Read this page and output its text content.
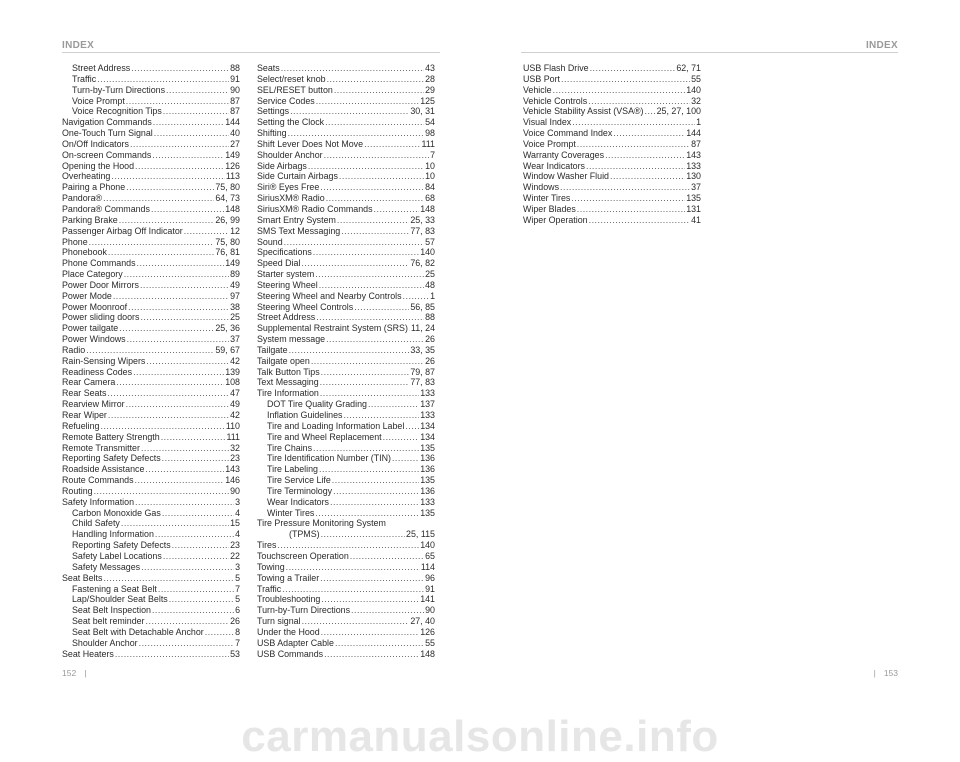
INDEX	INDEX
Street Address .....	88
Traffic .....	91
Turn-by-Turn Directions .....	90
Voice Prompt .....	87
Voice Recognition Tips .....	87
Navigation Commands .....	144
One-Touch Turn Signal .....	40
On/Off Indicators .....	27
On-screen Commands .....	149
Opening the Hood .....	126
Overheating .....	113
Pairing a Phone .....	75, 80
Pandora® .....	64, 73
Pandora® Commands .....	148
Parking Brake .....	26, 99
Passenger Airbag Off Indicator .....	12
Phone .....	75, 80
Phonebook .....	76, 81
Phone Commands .....	149
Place Category .....	89
Power Door Mirrors .....	49
Power Mode .....	97
Power Moonroof .....	38
Power sliding doors .....	25
Power tailgate .....	25, 36
Power Windows .....	37
Radio .....	59, 67
Rain-Sensing Wipers .....	42
Readiness Codes .....	139
Rear Camera .....	108
Rear Seats .....	47
Rearview Mirror .....	49
Rear Wiper .....	42
Refueling .....	110
Remote Battery Strength .....	111
Remote Transmitter .....	32
Reporting Safety Defects .....	23
Roadside Assistance .....	143
Route Commands .....	146
Routing .....	90
Safety Information .....	3
Carbon Monoxide Gas .....	4
Child Safety .....	15
Handling Information .....	4
Reporting Safety Defects .....	23
Safety Label Locations .....	22
Safety Messages .....	3
Seat Belts .....	5
Fastening a Seat Belt .....	7
Lap/Shoulder Seat Belts .....	5
Seat Belt Inspection .....	6
Seat belt reminder .....	26
Seat Belt with Detachable Anchor .....	8
Shoulder Anchor .....	7
Seat Heaters .....	53
Seats .....	43
Select/reset knob .....	28
SEL/RESET button .....	29
Service Codes .....	125
Settings .....	30, 31
Setting the Clock .....	54
Shifting .....	98
Shift Lever Does Not Move .....	111
Shoulder Anchor .....	7
Side Airbags .....	10
Side Curtain Airbags .....	10
Siri® Eyes Free .....	84
SiriusXM® Radio .....	68
SiriusXM® Radio Commands .....	148
Smart Entry System .....	25, 33
SMS Text Messaging .....	77, 83
Sound .....	57
Specifications .....	140
Speed Dial .....	76, 82
Starter system .....	25
Steering Wheel .....	48
Steering Wheel and Nearby Controls .....	1
Steering Wheel Controls .....	56, 85
Street Address .....	88
Supplemental Restraint System (SRS) ..... 11, 24
System message .....	26
Tailgate .....	33, 35
Tailgate open .....	26
Talk Button Tips .....	79, 87
Text Messaging .....	77, 83
Tire Information .....	133
DOT Tire Quality Grading .....	137
Inflation Guidelines .....	133
Tire and Loading Information Label ..... 134
Tire and Wheel Replacement .....	134
Tire Chains .....	135
Tire Identification Number (TIN) .....	136
Tire Labeling .....	136
Tire Service Life .....	135
Tire Terminology .....	136
Wear Indicators .....	133
Winter Tires .....	135
Tire Pressure Monitoring System
(TPMS) .....	25, 115
Tires .....	140
Touchscreen Operation .....	65
Towing .....	114
Towing a Trailer .....	96
Traffic .....	91
Troubleshooting .....	141
Turn-by-Turn Directions .....	90
Turn signal .....	27, 40
Under the Hood .....	126
USB Adapter Cable .....	55
USB Commands .....	148
USB Flash Drive .....	62, 71
USB Port .....	55
Vehicle .....	140
Vehicle Controls .....	32
Vehicle Stability Assist (VSA®) ..... 25, 27, 100
Visual Index .....	1
Voice Command Index .....	144
Voice Prompt .....	87
Warranty Coverages .....	143
Wear Indicators .....	133
Window Washer Fluid .....	130
Windows .....	37
Winter Tires .....	135
Wiper Blades .....	131
Wiper Operation .....	41
152 |	| 153
carmanualsonline.info
